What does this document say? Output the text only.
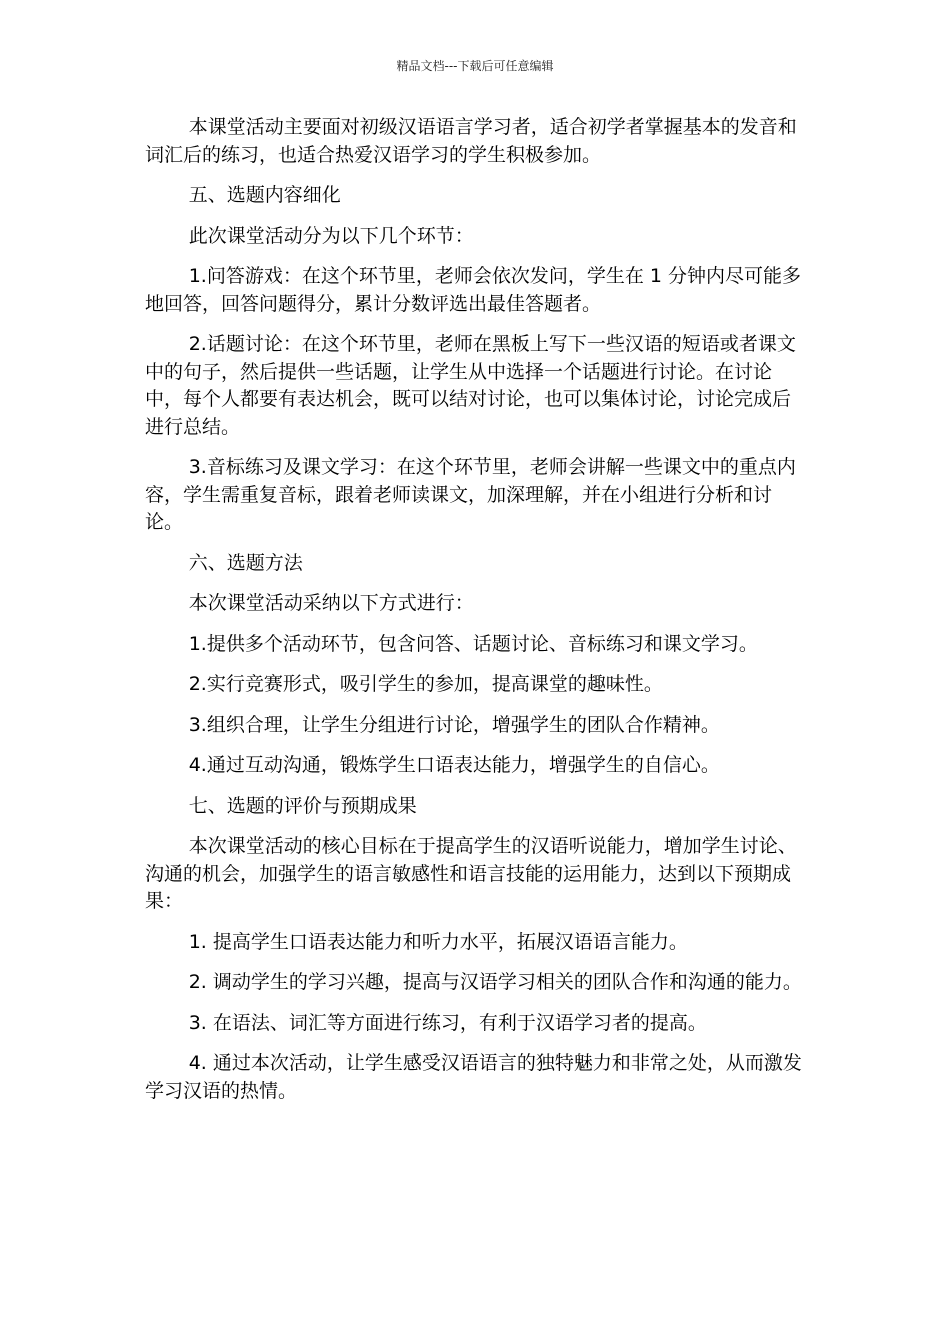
精品文档---下载后可任意编辑

本课堂活动主要面对初级汉语语言学习者，适合初学者掌握基本的发音和词汇后的练习，也适合热爱汉语学习的学生积极参加。

五、选题内容细化

此次课堂活动分为以下几个环节：

1.问答游戏：在这个环节里，老师会依次发问，学生在 1 分钟内尽可能多地回答，回答问题得分，累计分数评选出最佳答题者。

2.话题讨论：在这个环节里，老师在黑板上写下一些汉语的短语或者课文中的句子，然后提供一些话题，让学生从中选择一个话题进行讨论。在讨论中，每个人都要有表达机会，既可以结对讨论，也可以集体讨论，讨论完成后进行总结。

3.音标练习及课文学习：在这个环节里，老师会讲解一些课文中的重点内容，学生需重复音标，跟着老师读课文，加深理解，并在小组进行分析和讨论。

六、选题方法

本次课堂活动采纳以下方式进行：

1.提供多个活动环节，包含问答、话题讨论、音标练习和课文学习。

2.实行竞赛形式，吸引学生的参加，提高课堂的趣味性。

3.组织合理，让学生分组进行讨论，增强学生的团队合作精神。

4.通过互动沟通，锻炼学生口语表达能力，增强学生的自信心。

七、选题的评价与预期成果

本次课堂活动的核心目标在于提高学生的汉语听说能力，增加学生讨论、沟通的机会，加强学生的语言敏感性和语言技能的运用能力，达到以下预期成果：

1. 提高学生口语表达能力和听力水平，拓展汉语语言能力。

2. 调动学生的学习兴趣，提高与汉语学习相关的团队合作和沟通的能力。

3. 在语法、词汇等方面进行练习，有利于汉语学习者的提高。

4. 通过本次活动，让学生感受汉语语言的独特魅力和非常之处，从而激发学习汉语的热情。
